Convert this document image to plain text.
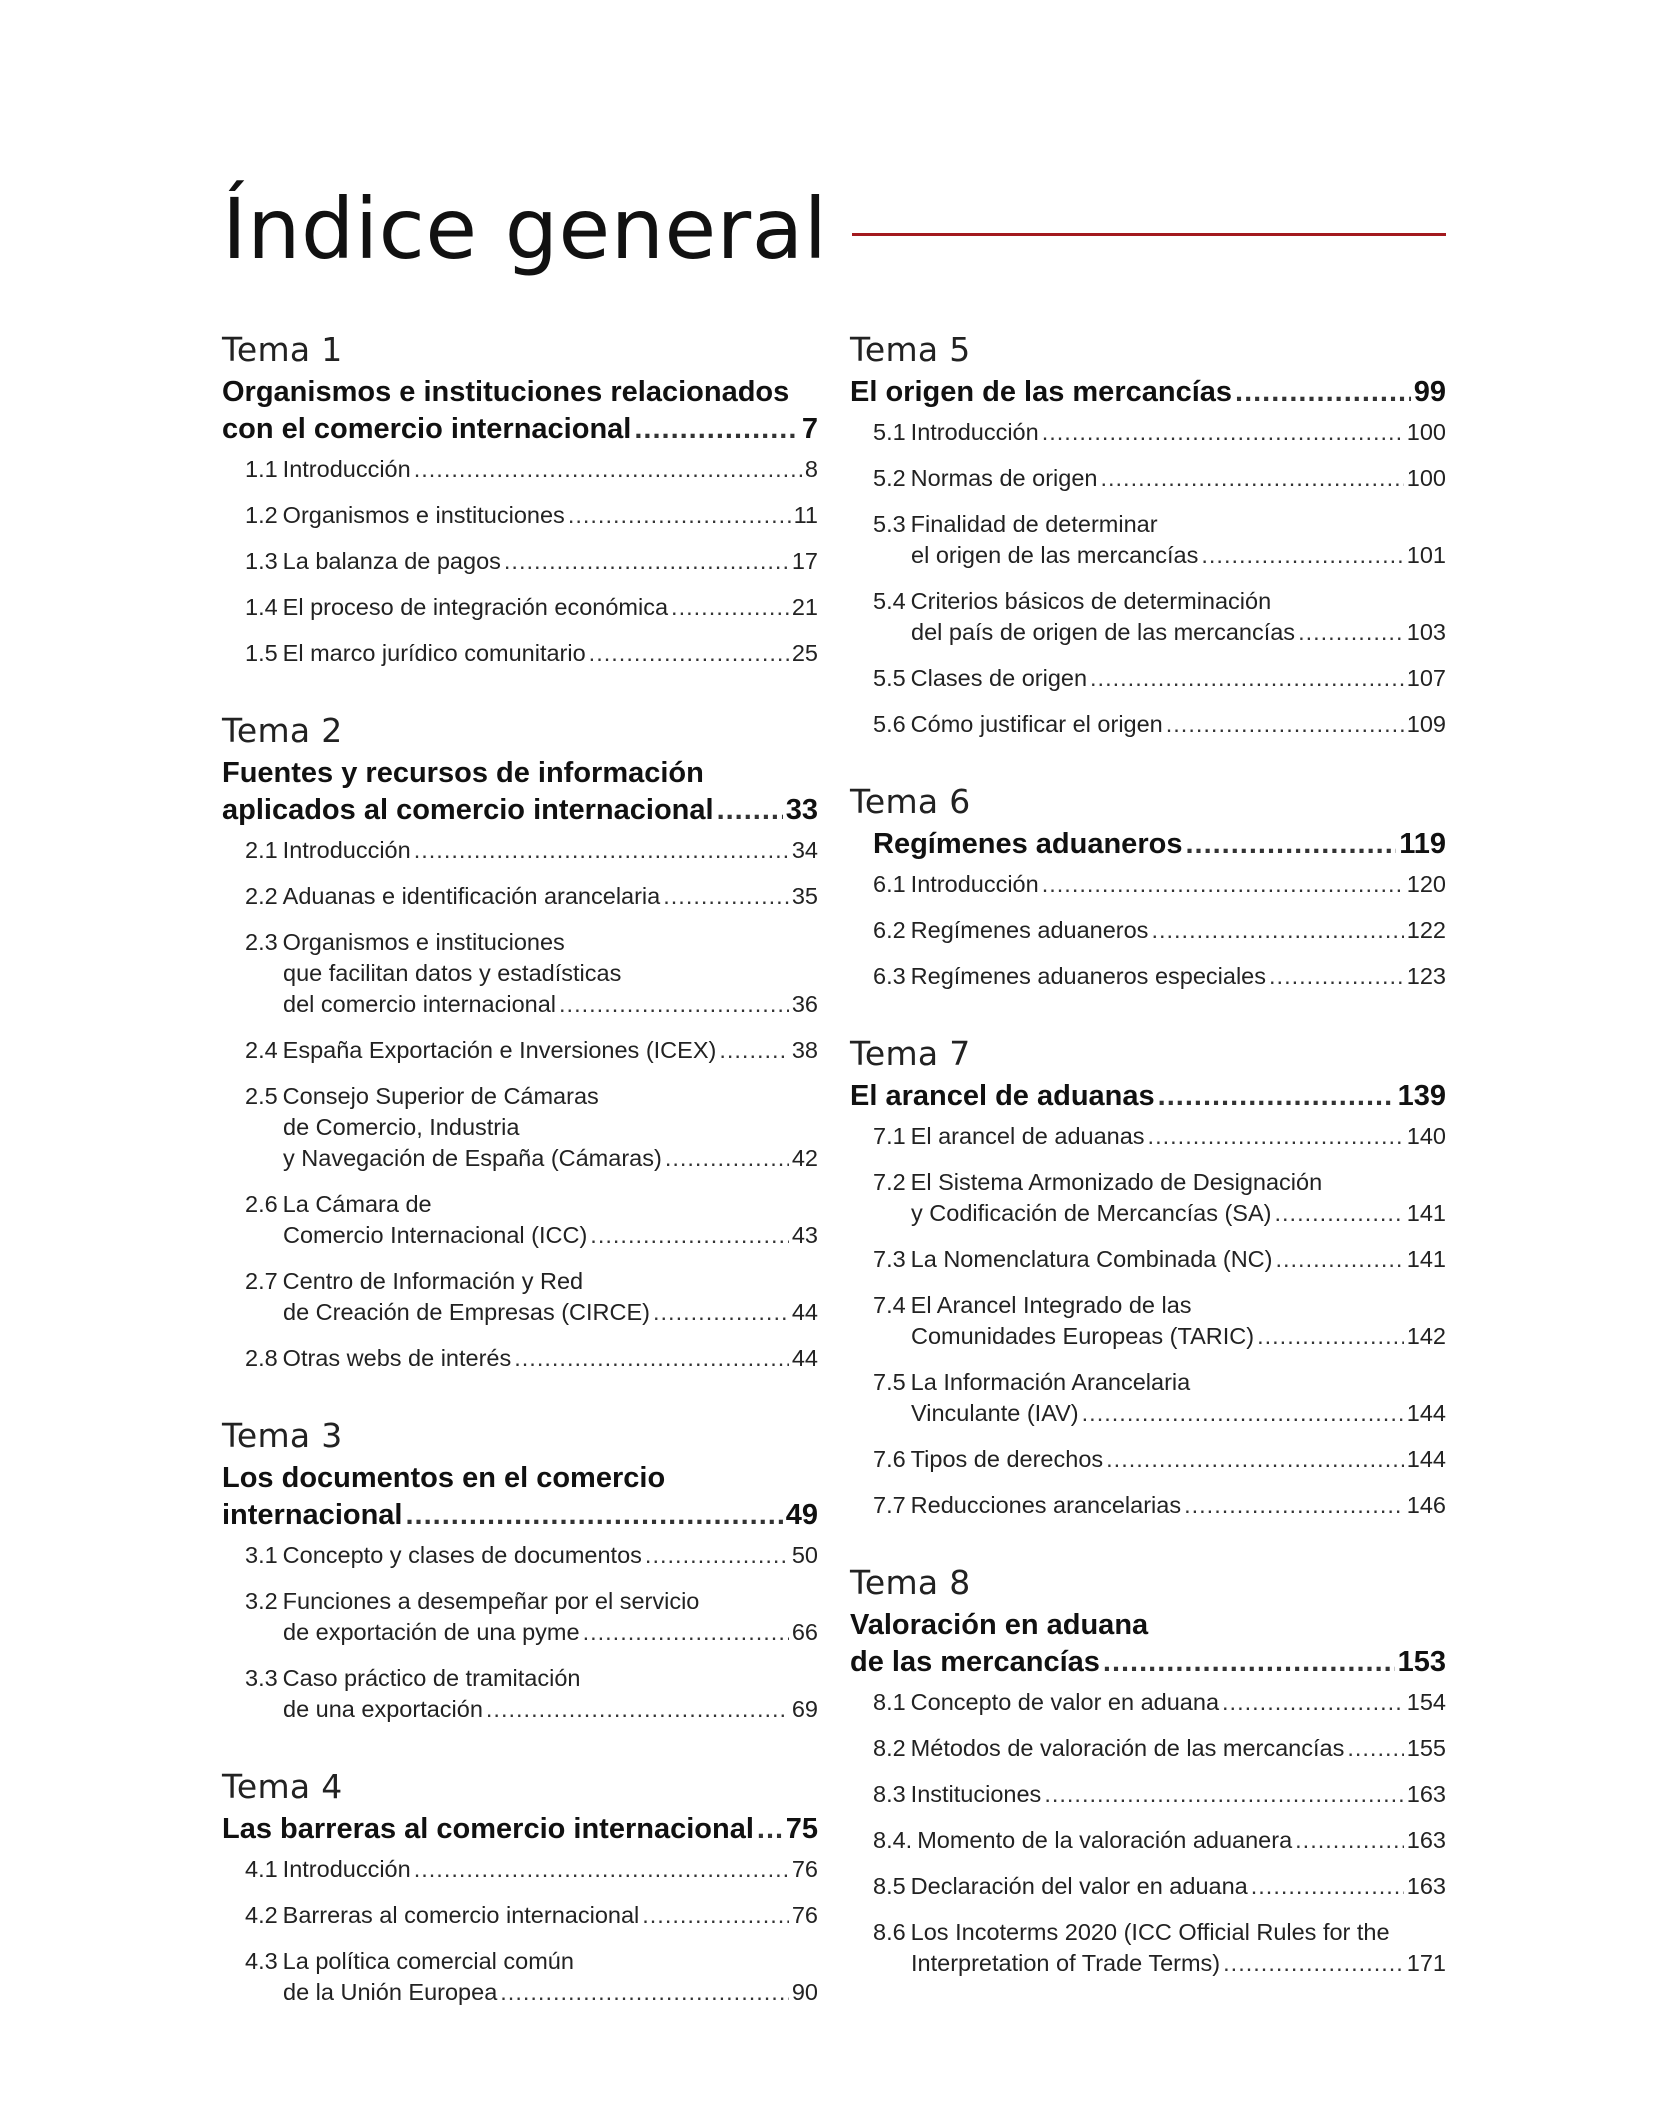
Índice general
Tema 1
Organismos e instituciones relacionados
con el comercio internacional .....	7
1.1 Introducción .....	8
1.2 Organismos e instituciones .....	11
1.3 La balanza de pagos .....	17
1.4 El proceso de integración económica .....	21
1.5 El marco jurídico comunitario .....	25
Tema 2
Fuentes y recursos de información
aplicados al comercio internacional ..... 33
2.1 Introducción .....	34
2.2 Aduanas e identificación arancelaria .....	35
2.3 Organismos e instituciones
que facilitan datos y estadísticas
del comercio internacional .....	36
2.4 España Exportación e Inversiones (ICEX) .....	38
2.5 Consejo Superior de Cámaras
de Comercio, Industria
y Navegación de España (Cámaras) .....	42
2.6 La Cámara de
Comercio Internacional (ICC) .....	43
2.7 Centro de Información y Red
de Creación de Empresas (CIRCE) .....	44
2.8 Otras webs de interés .....	44
Tema 3
Los documentos en el comercio
internacional .....	49
3.1 Concepto y clases de documentos .....	50
3.2 Funciones a desempeñar por el servicio
de exportación de una pyme .....	66
3.3 Caso práctico de tramitación
de una exportación .....	69
Tema 4
Las barreras al comercio internacional ..... 75
4.1 Introducción .....	76
4.2 Barreras al comercio internacional .....	76
4.3 La política comercial común
de la Unión Europea .....	90
Tema 5
El origen de las mercancías .....	99
5.1 Introducción .....	100
5.2 Normas de origen .....	100
5.3 Finalidad de determinar
el origen de las mercancías .....	101
5.4 Criterios básicos de determinación
del país de origen de las mercancías .....	103
5.5 Clases de origen .....	107
5.6 Cómo justificar el origen .....	109
Tema 6
Regímenes aduaneros .....	119
6.1 Introducción .....	120
6.2 Regímenes aduaneros .....	122
6.3 Regímenes aduaneros especiales .....	123
Tema 7
El arancel de aduanas .....	139
7.1 El arancel de aduanas .....	140
7.2 El Sistema Armonizado de Designación
y Codificación de Mercancías (SA) .....	141
7.3 La Nomenclatura Combinada (NC) .....	141
7.4 El Arancel Integrado de las
Comunidades Europeas (TARIC) .....	142
7.5 La Información Arancelaria
Vinculante (IAV) .....	144
7.6 Tipos de derechos .....	144
7.7 Reducciones arancelarias .....	146
Tema 8
Valoración en aduana
de las mercancías .....	153
8.1 Concepto de valor en aduana .....	154
8.2 Métodos de valoración de las mercancías .....	155
8.3 Instituciones .....	163
8.4. Momento de la valoración aduanera .....	163
8.5 Declaración del valor en aduana .....	163
8.6 Los Incoterms 2020 (ICC Official Rules for the
Interpretation of Trade Terms) .....	171
